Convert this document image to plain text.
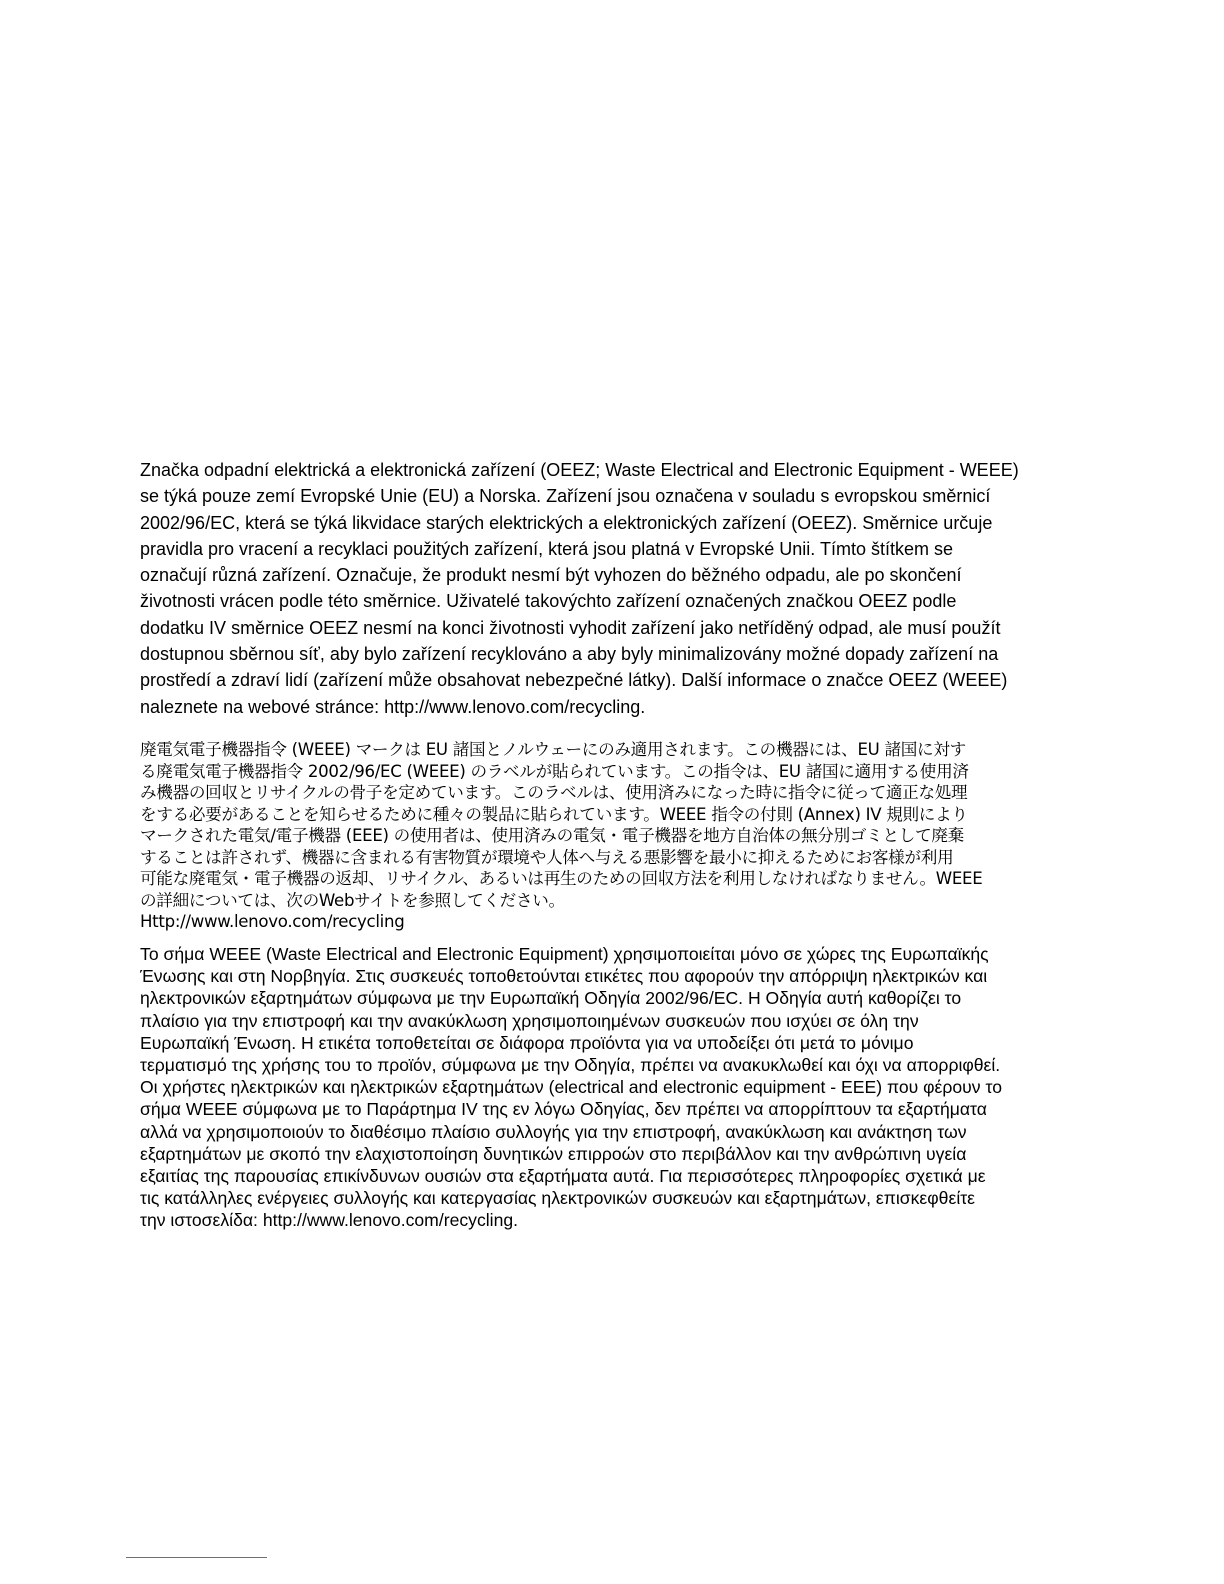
Značka odpadní elektrická a elektronická zařízení (OEEZ; Waste Electrical and Electronic Equipment - WEEE)
se týká pouze zemí Evropské Unie (EU) a Norska. Zařízení jsou označena v souladu s evropskou směrnicí
2002/96/EC, která se týká likvidace starých elektrických a elektronických zařízení (OEEZ). Směrnice určuje
pravidla pro vracení a recyklaci použitých zařízení, která jsou platná v Evropské Unii. Tímto štítkem se
označují různá zařízení. Označuje, že produkt nesmí být vyhozen do běžného odpadu, ale po skončení
životnosti vrácen podle této směrnice. Uživatelé takovýchto zařízení označených značkou OEEZ podle
dodatku IV směrnice OEEZ nesmí na konci životnosti vyhodit zařízení jako netříděný odpad, ale musí použít
dostupnou sběrnou síť, aby bylo zařízení recyklováno a aby byly minimalizovány možné dopady zařízení na
prostředí a zdraví lidí (zařízení může obsahovat nebezpečné látky). Další informace o značce OEEZ (WEEE)
naleznete na webové stránce: http://www.lenovo.com/recycling.
廃電気電子機器指令 (WEEE) マークは EU 諸国とノルウェーにのみ適用されます。この機器には、EU 諸国に対す
る廃電気電子機器指令 2002/96/EC (WEEE) のラベルが貼られています。この指令は、EU 諸国に適用する使用済
み機器の回収とリサイクルの骨子を定めています。このラベルは、使用済みになった時に指令に従って適正な処理
をする必要があることを知らせるために種々の製品に貼られています。WEEE 指令の付則 (Annex) IV 規則により
マークされた電気/電子機器 (EEE) の使用者は、使用済みの電気・電子機器を地方自治体の無分別ゴミとして廃棄
することは許されず、機器に含まれる有害物質が環境や人体へ与える悪影響を最小に抑えるためにお客様が利用
可能な廃電気・電子機器の返却、リサイクル、あるいは再生のための回収方法を利用しなければなりません。WEEE
の詳細については、次のWebサイトを参照してください。
Http://www.lenovo.com/recycling
Το σήμα WEEE (Waste Electrical and Electronic Equipment) χρησιμοποιείται μόνο σε χώρες της Ευρωπαϊκής
Ένωσης και στη Νορβηγία. Στις συσκευές τοποθετούνται ετικέτες που αφορούν την απόρριψη ηλεκτρικών και
ηλεκτρονικών εξαρτημάτων σύμφωνα με την Ευρωπαϊκή Οδηγία 2002/96/EC. Η Οδηγία αυτή καθορίζει το
πλαίσιο για την επιστροφή και την ανακύκλωση χρησιμοποιημένων συσκευών που ισχύει σε όλη την
Ευρωπαϊκή Ένωση. Η ετικέτα τοποθετείται σε διάφορα προϊόντα για να υποδείξει ότι μετά το μόνιμο
τερματισμό της χρήσης του το προϊόν, σύμφωνα με την Οδηγία, πρέπει να ανακυκλωθεί και όχι να απορριφθεί.
Οι χρήστες ηλεκτρικών και ηλεκτρικών εξαρτημάτων (electrical and electronic equipment - EEE) που φέρουν το
σήμα WEEE σύμφωνα με το Παράρτημα IV της εν λόγω Οδηγίας, δεν πρέπει να απορρίπτουν τα εξαρτήματα
αλλά να χρησιμοποιούν το διαθέσιμο πλαίσιο συλλογής για την επιστροφή, ανακύκλωση και ανάκτηση των
εξαρτημάτων με σκοπό την ελαχιστοποίηση δυνητικών επιρροών στο περιβάλλον και την ανθρώπινη υγεία
εξαιτίας της παρουσίας επικίνδυνων ουσιών στα εξαρτήματα αυτά. Για περισσότερες πληροφορίες σχετικά με
τις κατάλληλες ενέργειες συλλογής και κατεργασίας ηλεκτρονικών συσκευών και εξαρτημάτων, επισκεφθείτε
την ιστοσελίδα: http://www.lenovo.com/recycling.
